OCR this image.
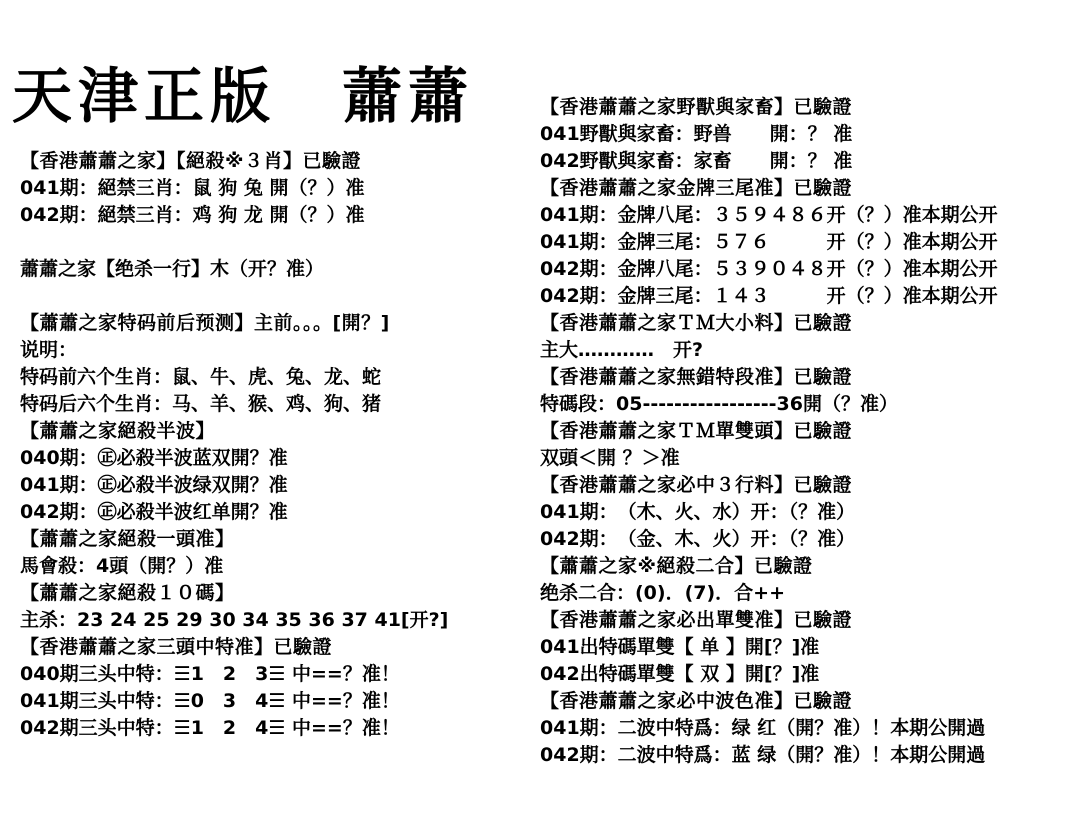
天津正版　蕭蕭
【香港蕭蕭之家】【絕殺※３肖】已驗證
041期：絕禁三肖：鼠 狗 兔 開（？）准
042期：絕禁三肖：鸡 狗 龙 開（？）准
蕭蕭之家【绝杀一行】木（开？准）
【蕭蕭之家特码前后预测】主前。。。[開？]
说明：
特码前六个生肖：鼠、牛、虎、兔、龙、蛇
特码后六个生肖：马、羊、猴、鸡、狗、猪
【蕭蕭之家絕殺半波】
040期：㊣必殺半波蓝双開？准
041期：㊣必殺半波绿双開？准
042期：㊣必殺半波红单開？准
【蕭蕭之家絕殺一頭准】
馬會殺：4頭（開？）准
【蕭蕭之家絕殺１０碼】
主杀：23 24 25 29 30 34 35 36 37 41[开?]
【香港蕭蕭之家三頭中特准】已驗證
040期三头中特：☰1　2　3☰ 中==？准！
041期三头中特：☰0　3　4☰ 中==？准！
042期三头中特：☰1　2　4☰ 中==？准！
【香港蕭蕭之家野獸與家畜】已驗證
041野獸與家畜：野兽　　開：？ 准
042野獸與家畜：家畜　　開：？ 准
【香港蕭蕭之家金牌三尾准】已驗證
041期：金牌八尾：３５９４８６开（？）准本期公开
041期：金牌三尾：５７６　　　开（？）准本期公开
042期：金牌八尾：５３９０４８开（？）准本期公开
042期：金牌三尾：１４３　　　开（？）准本期公开
【香港蕭蕭之家ＴＭ大小料】已驗證
主大…………　开?
【香港蕭蕭之家無錯特段准】已驗證
特碼段：05-----------------36開（？准）
【香港蕭蕭之家ＴＭ單雙頭】已驗證
双頭＜開 ？＞准
【香港蕭蕭之家必中３行料】已驗證
041期：　（木、火、水）开：（？准）
042期：　（金、木、火）开：（？准）
【蕭蕭之家※絕殺二合】已驗證
绝杀二合：(0)．(7)．合++
【香港蕭蕭之家必出單雙准】已驗證
041出特碼單雙【 单 】開[？]准
042出特碼單雙【 双 】開[？]准
【香港蕭蕭之家必中波色准】已驗證
041期：二波中特爲：绿 红（開？准）！本期公開過
042期：二波中特爲：蓝 绿（開？准）！本期公開過
